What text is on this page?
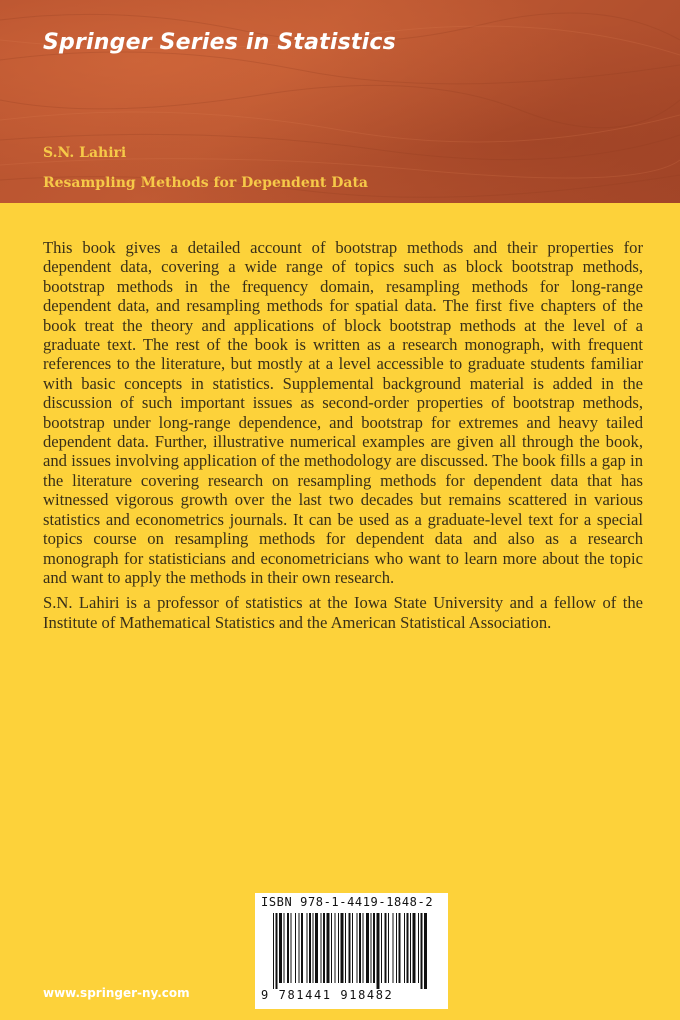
Springer Series in Statistics
S.N. Lahiri
Resampling Methods for Dependent Data

This book gives a detailed account of bootstrap methods and their properties for dependent data, covering a wide range of topics such as block bootstrap methods, bootstrap methods in the frequency domain, resampling methods for long-range dependent data, and resampling methods for spatial data. The first five chapters of the book treat the theory and applications of block bootstrap methods at the level of a graduate text. The rest of the book is written as a research monograph, with frequent references to the literature, but mostly at a level accessible to graduate students familiar with basic concepts in statistics. Supplemental background material is added in the discussion of such important issues as second-order properties of bootstrap methods, bootstrap under long-range dependence, and bootstrap for extremes and heavy tailed dependent data. Further, illustrative numerical examples are given all through the book, and issues involving application of the methodology are discussed. The book fills a gap in the literature covering research on resampling methods for dependent data that has witnessed vigorous growth over the last two decades but remains scattered in various statistics and econometrics journals. It can be used as a graduate-level text for a special topics course on resampling methods for dependent data and also as a research monograph for statisticians and econometricians who want to learn more about the topic and want to apply the methods in their own research.

S.N. Lahiri is a professor of statistics at the Iowa State University and a fellow of the Institute of Mathematical Statistics and the American Statistical Association.

www.springer-ny.com
ISBN 978-1-4419-1848-2
9 781441 918482
